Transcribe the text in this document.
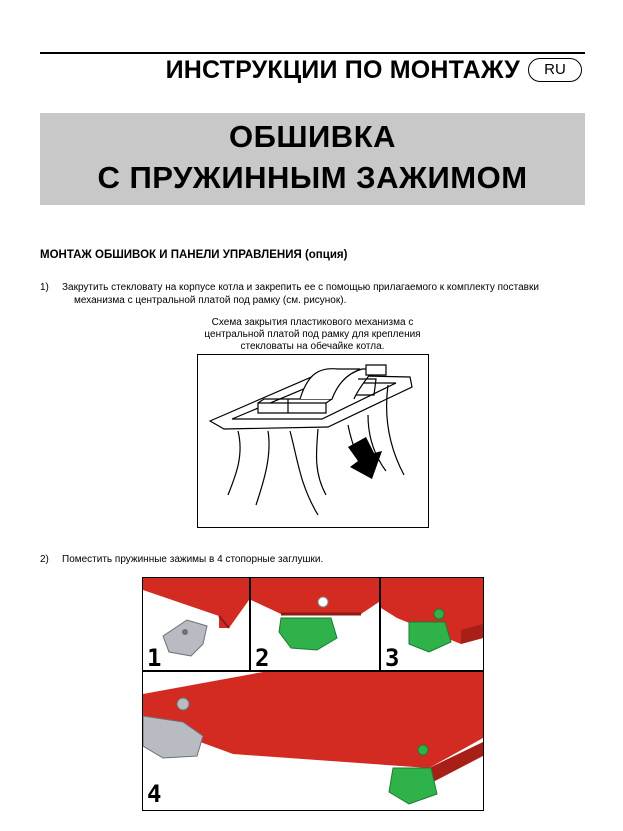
ИНСТРУКЦИИ ПО МОНТАЖУ	RU
ОБШИВКА
С ПРУЖИННЫМ ЗАЖИМОМ
МОНТАЖ ОБШИВОК И ПАНЕЛИ УПРАВЛЕНИЯ (опция)
1) Закрутить стекловату на корпусе котла и закрепить ее с помощью прилагаемого к комплекту поставки
механизма с центральной платой под рамку (см. рисунок).
Схема закрытия пластикового механизма с
центральной платой под рамку для крепления
стекловаты на обечайке котла.
2) Поместить пружинные зажимы в 4 стопорные заглушки.
1	2	3
4
